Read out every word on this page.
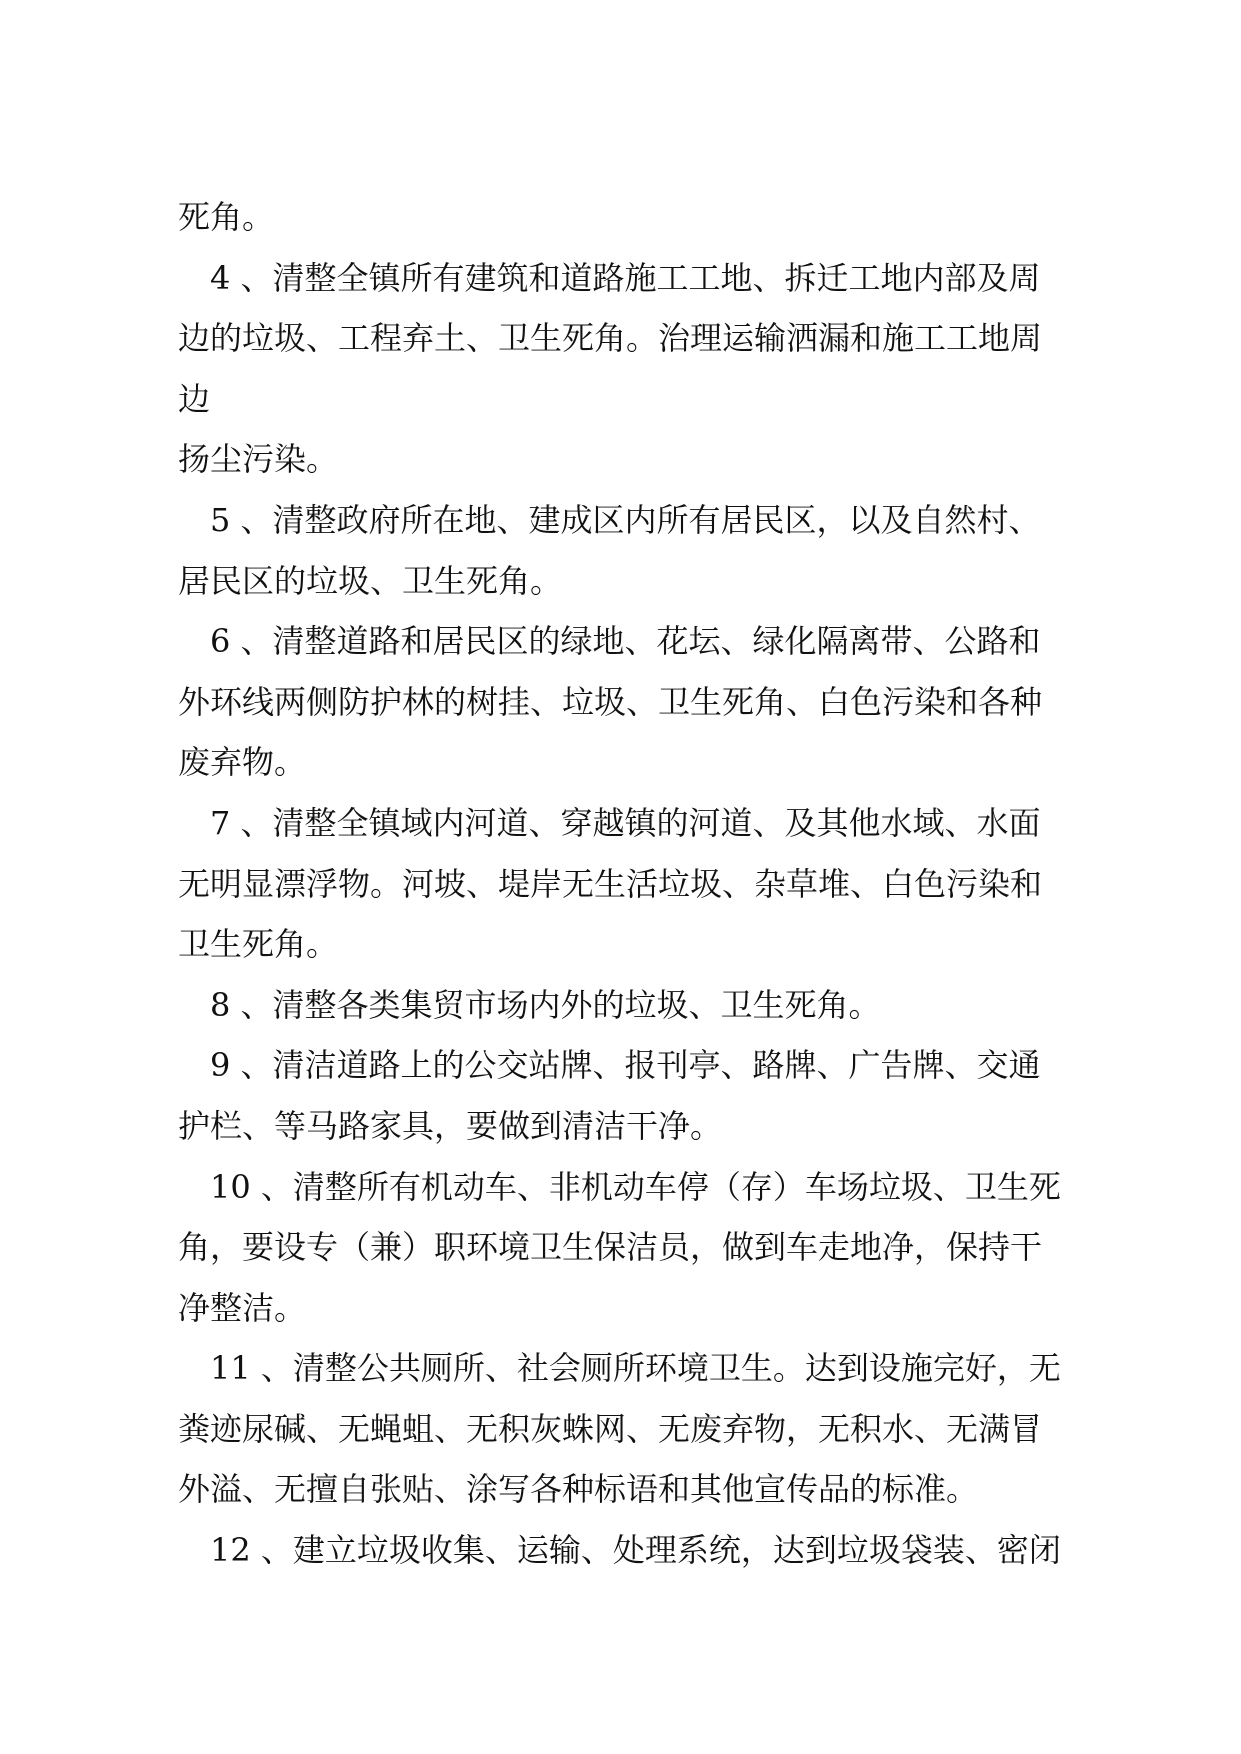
死角。
4 、清整全镇所有建筑和道路施工工地、拆迁工地内部及周
边的垃圾、工程弃土、卫生死角。治理运输洒漏和施工工地周
边
扬尘污染。
5 、清整政府所在地、建成区内所有居民区，以及自然村、
居民区的垃圾、卫生死角。
6 、清整道路和居民区的绿地、花坛、绿化隔离带、公路和
外环线两侧防护林的树挂、垃圾、卫生死角、白色污染和各种
废弃物。
7 、清整全镇域内河道、穿越镇的河道、及其他水域、水面
无明显漂浮物。河坡、堤岸无生活垃圾、杂草堆、白色污染和
卫生死角。
8 、清整各类集贸市场内外的垃圾、卫生死角。
9 、清洁道路上的公交站牌、报刊亭、路牌、广告牌、交通
护栏、等马路家具，要做到清洁干净。
10 、清整所有机动车、非机动车停（存）车场垃圾、卫生死
角，要设专（兼）职环境卫生保洁员，做到车走地净，保持干
净整洁。
11 、清整公共厕所、社会厕所环境卫生。达到设施完好，无
粪迹尿碱、无蝇蛆、无积灰蛛网、无废弃物，无积水、无满冒
外溢、无擅自张贴、涂写各种标语和其他宣传品的标准。
12 、建立垃圾收集、运输、处理系统，达到垃圾袋装、密闭
